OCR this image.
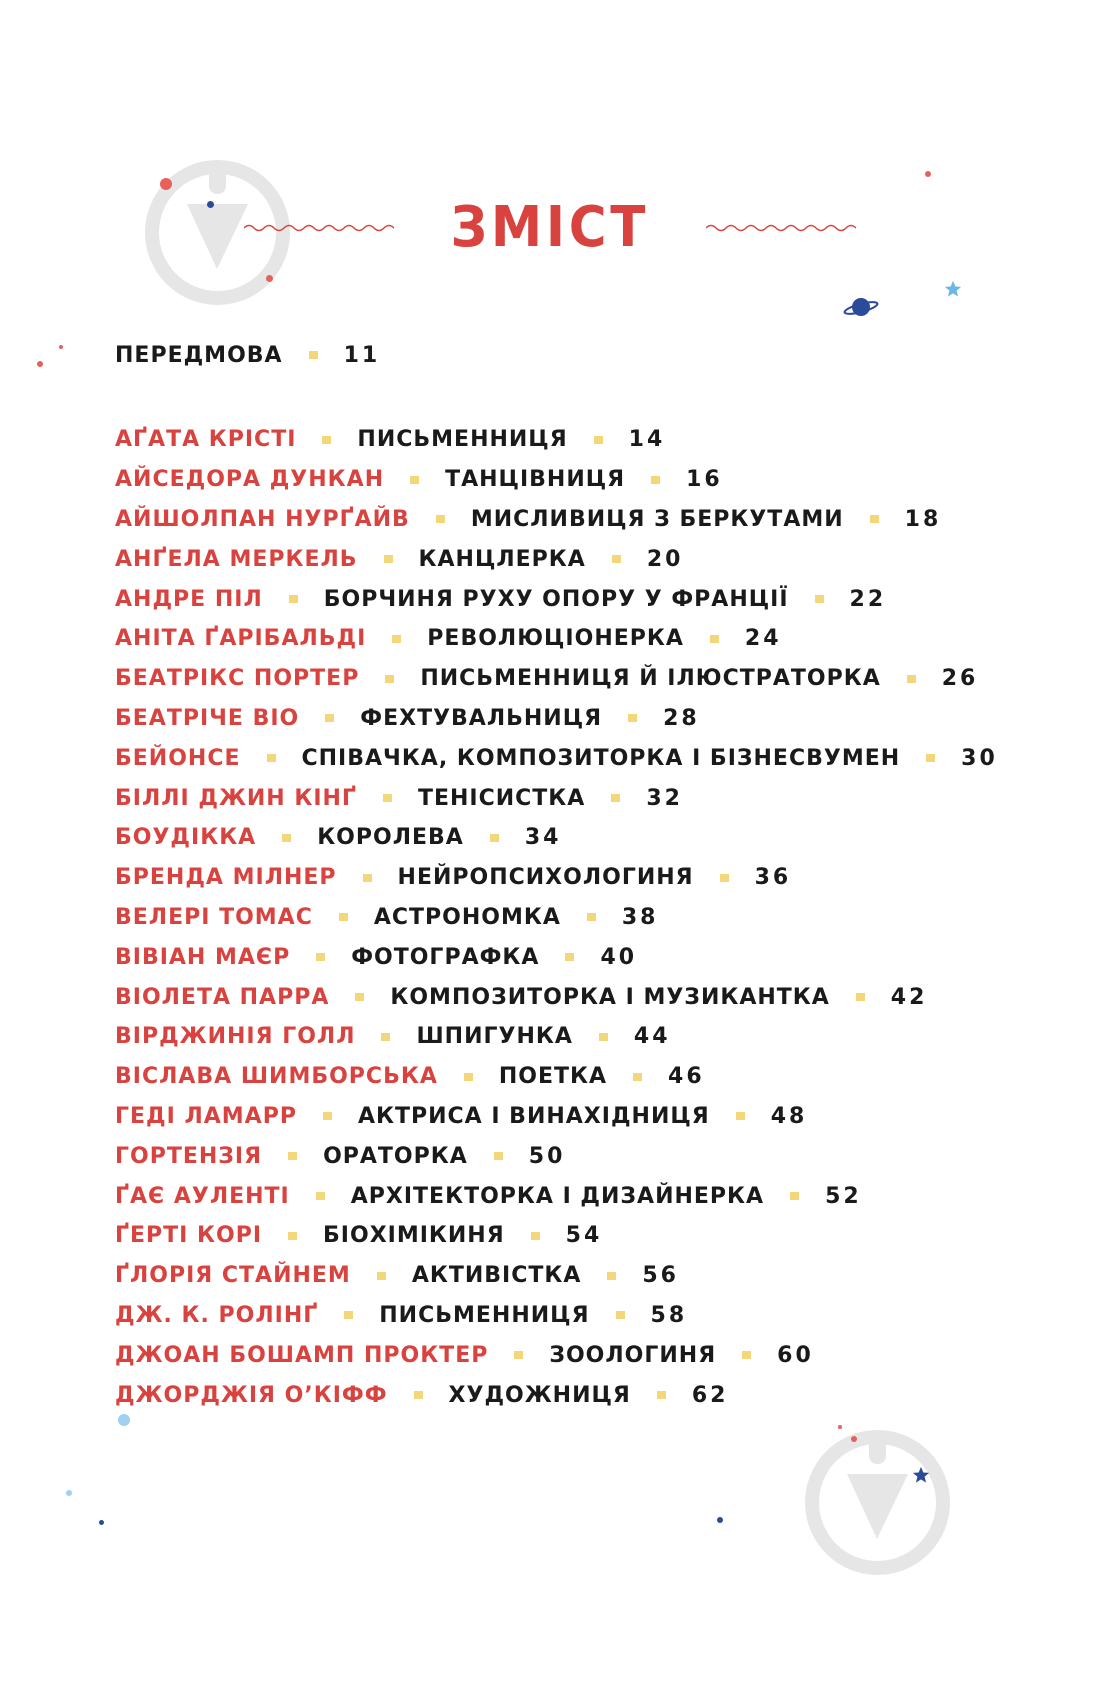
ЗМІСТ
ПЕРЕДМОВА	11
АҐАТА КРІСТІ	ПИСЬМЕННИЦЯ	14
АЙСЕДОРА ДУНКАН	ТАНЦІВНИЦЯ	16
АЙШОЛПАН НУРҐАЙВ	МИСЛИВИЦЯ З БЕРКУТАМИ	18
АНҐЕЛА МЕРКЕЛЬ	КАНЦЛЕРКА	20
АНДРЕ ПІЛ	БОРЧИНЯ РУХУ ОПОРУ У ФРАНЦІЇ	22
АНІТА ҐАРІБАЛЬДІ	РЕВОЛЮЦІОНЕРКА	24
БЕАТРІКС ПОРТЕР	ПИСЬМЕННИЦЯ Й ІЛЮСТРАТОРКА	26
БЕАТРІЧЕ ВІО	ФЕХТУВАЛЬНИЦЯ	28
БЕЙОНСЕ	СПІВАЧКА, КОМПОЗИТОРКА І БІЗНЕСВУМЕН	30
БІЛЛІ ДЖИН КІНҐ	ТЕНІСИСТКА	32
БОУДІККА	КОРОЛЕВА	34
БРЕНДА МІЛНЕР	НЕЙРОПСИХОЛОГИНЯ	36
ВЕЛЕРІ ТОМАС	АСТРОНОМКА	38
ВІВІАН МАЄР	ФОТОГРАФКА	40
ВІОЛЕТА ПАРРА	КОМПОЗИТОРКА І МУЗИКАНТКА	42
ВІРДЖИНІЯ ГОЛЛ	ШПИГУНКА	44
ВІСЛАВА ШИМБОРСЬКА	ПОЕТКА	46
ГЕДІ ЛАМАРР	АКТРИСА І ВИНАХІДНИЦЯ	48
ГОРТЕНЗІЯ	ОРАТОРКА	50
ҐАЄ АУЛЕНТІ	АРХІТЕКТОРКА І ДИЗАЙНЕРКА	52
ҐЕРТІ КОРІ	БІОХІМІКИНЯ	54
ҐЛОРІЯ СТАЙНЕМ	АКТИВІСТКА	56
ДЖ. К. РОЛІНҐ	ПИСЬМЕННИЦЯ	58
ДЖОАН БОШАМП ПРОКТЕР	ЗООЛОГИНЯ	60
ДЖОРДЖІЯ О’КІФФ	ХУДОЖНИЦЯ	62
